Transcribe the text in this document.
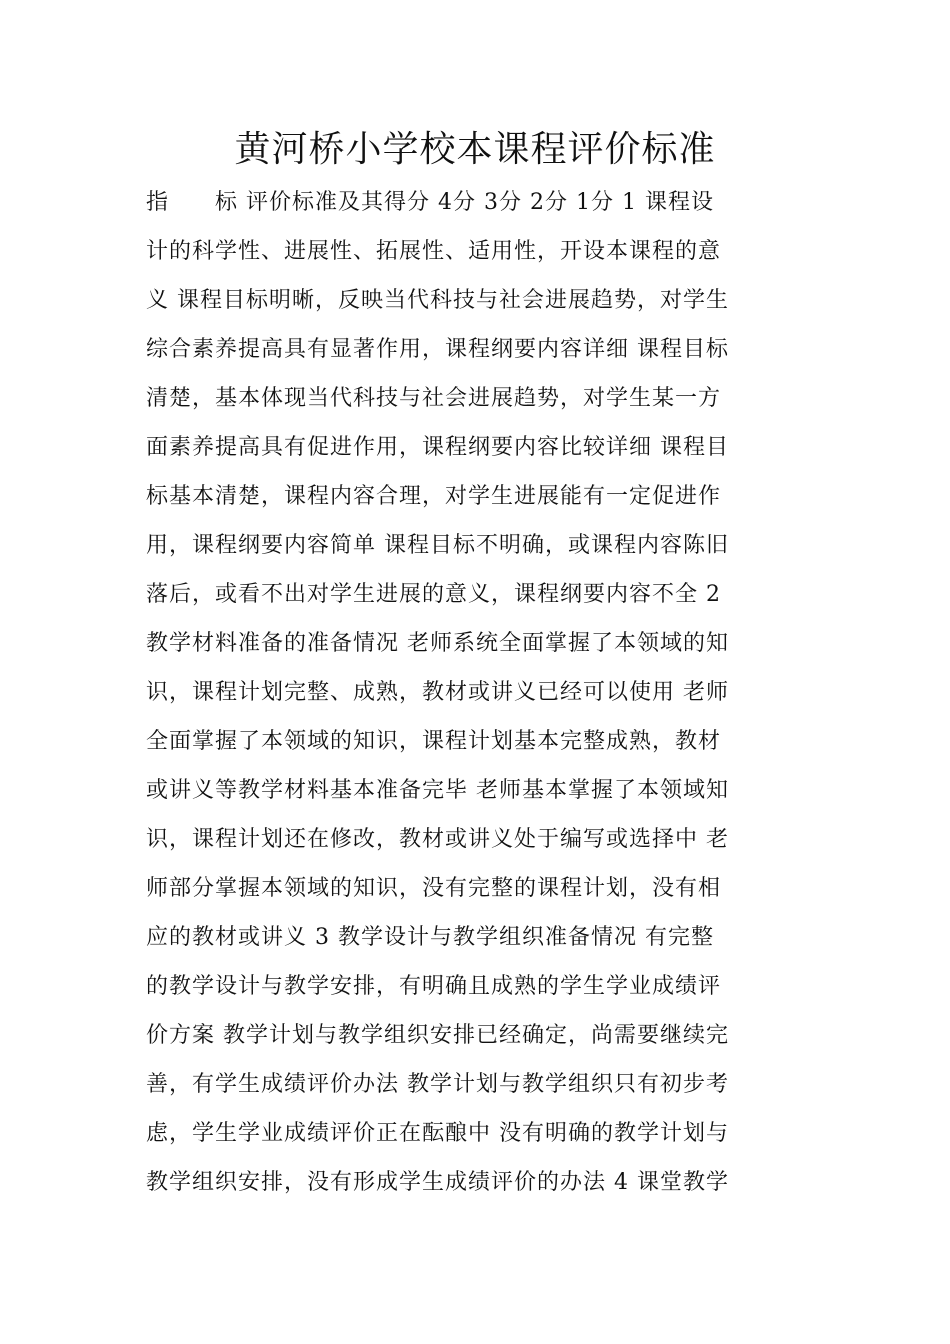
黄河桥小学校本课程评价标准
指　　标 评价标准及其得分 4分 3分 2分 1分 1 课程设
计的科学性、进展性、拓展性、适用性，开设本课程的意
义 课程目标明晰，反映当代科技与社会进展趋势，对学生
综合素养提高具有显著作用，课程纲要内容详细 课程目标
清楚，基本体现当代科技与社会进展趋势，对学生某一方
面素养提高具有促进作用，课程纲要内容比较详细 课程目
标基本清楚，课程内容合理，对学生进展能有一定促进作
用，课程纲要内容简单 课程目标不明确，或课程内容陈旧
落后，或看不出对学生进展的意义，课程纲要内容不全 2
教学材料准备的准备情况 老师系统全面掌握了本领域的知
识，课程计划完整、成熟，教材或讲义已经可以使用 老师
全面掌握了本领域的知识，课程计划基本完整成熟，教材
或讲义等教学材料基本准备完毕 老师基本掌握了本领域知
识，课程计划还在修改，教材或讲义处于编写或选择中 老
师部分掌握本领域的知识，没有完整的课程计划，没有相
应的教材或讲义 3 教学设计与教学组织准备情况 有完整
的教学设计与教学安排，有明确且成熟的学生学业成绩评
价方案 教学计划与教学组织安排已经确定，尚需要继续完
善，有学生成绩评价办法 教学计划与教学组织只有初步考
虑，学生学业成绩评价正在酝酿中 没有明确的教学计划与
教学组织安排，没有形成学生成绩评价的办法 4 课堂教学
